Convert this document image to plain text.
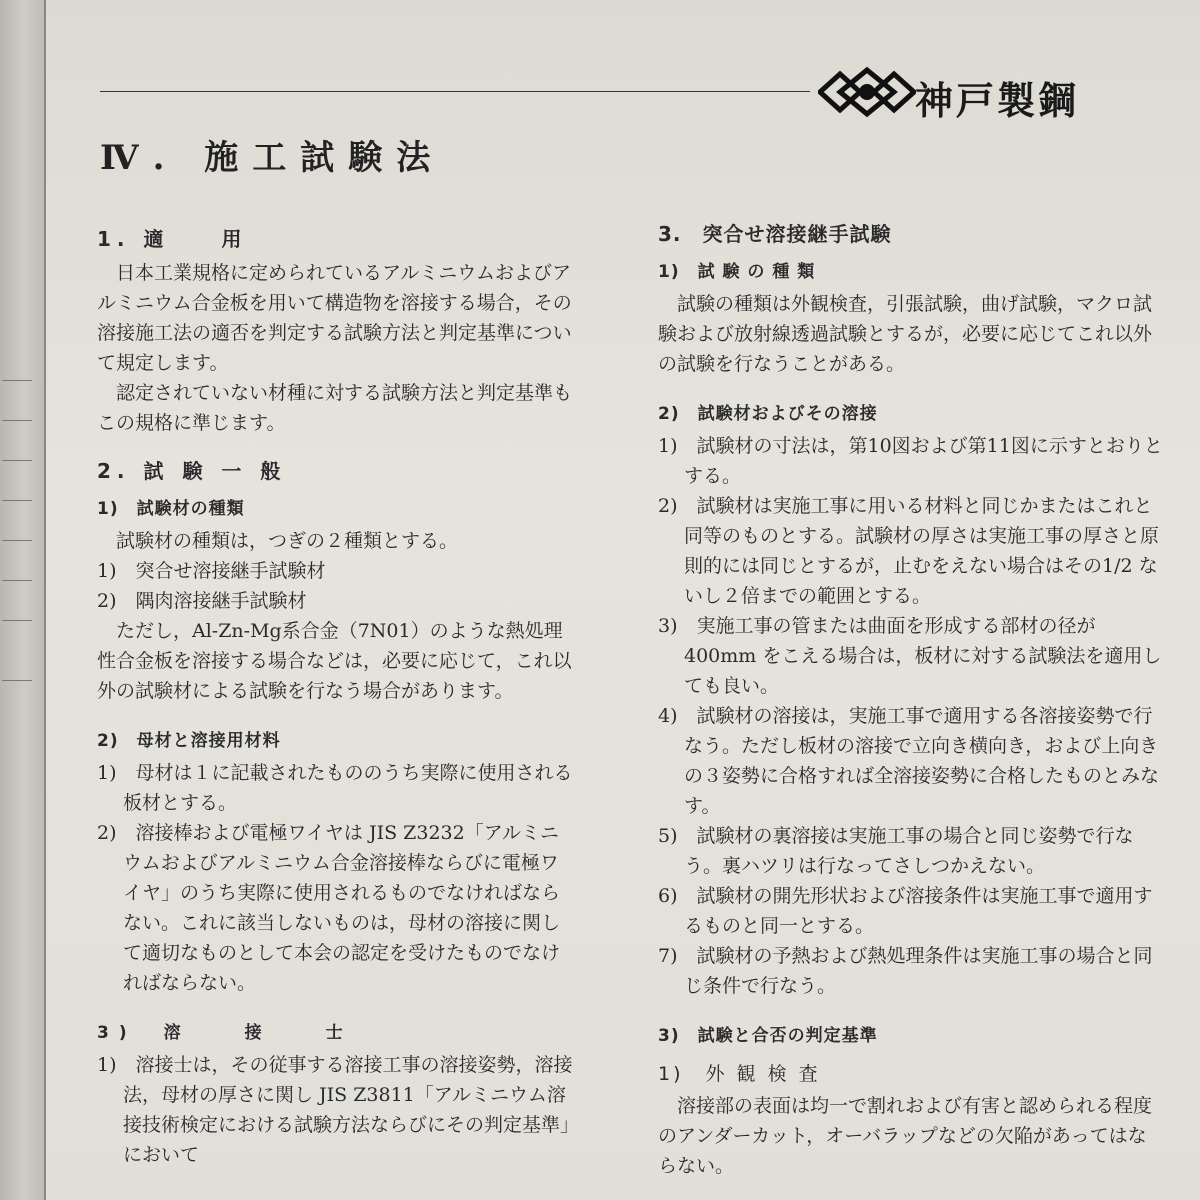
神戸製鋼
Ⅳ. 施工試験法
1. 適　　用

日本工業規格に定められているアルミニウムおよびアルミニウム合金板を用いて構造物を溶接する場合，その溶接施工法の適否を判定する試験方法と判定基準について規定します。

認定されていない材種に対する試験方法と判定基準もこの規格に準じます。

2. 試 験 一 般
1)　試験材の種類

試験材の種類は，つぎの２種類とする。

1)　突合せ溶接継手試験材

2)　隅肉溶接継手試験材

ただし，Al-Zn-Mg系合金（7N01）のような熱処理性合金板を溶接する場合などは，必要に応じて，これ以外の試験材による試験を行なう場合があります。

2)　母材と溶接用材料

1)　母材は１に記載されたもののうち実際に使用される板材とする。

2)　溶接棒および電極ワイヤは JIS Z3232「アルミニウムおよびアルミニウム合金溶接棒ならびに電極ワイヤ」のうち実際に使用されるものでなければならない。これに該当しないものは，母材の溶接に関して適切なものとして本会の認定を受けたものでなければならない。

3)　溶　　接　　士

1)　溶接士は，その従事する溶接工事の溶接姿勢，溶接法，母材の厚さに関し JIS Z3811「アルミニウム溶接技術検定における試験方法ならびにその判定基準」において

3.　突合せ溶接継手試験
1)　試 験 の 種 類

試験の種類は外観検査，引張試験，曲げ試験，マクロ試験および放射線透過試験とするが，必要に応じてこれ以外の試験を行なうことがある。

2)　試験材およびその溶接

1)　試験材の寸法は，第10図および第11図に示すとおりとする。

2)　試験材は実施工事に用いる材料と同じかまたはこれと同等のものとする。試験材の厚さは実施工事の厚さと原則的には同じとするが，止むをえない場合はその1/2 ないし２倍までの範囲とする。

3)　実施工事の管または曲面を形成する部材の径が 400mm をこえる場合は，板材に対する試験法を適用しても良い。

4)　試験材の溶接は，実施工事で適用する各溶接姿勢で行なう。ただし板材の溶接で立向き横向き，および上向きの３姿勢に合格すれば全溶接姿勢に合格したものとみなす。

5)　試験材の裏溶接は実施工事の場合と同じ姿勢で行なう。裏ハツリは行なってさしつかえない。

6)　試験材の開先形状および溶接条件は実施工事で適用するものと同一とする。

7)　試験材の予熱および熱処理条件は実施工事の場合と同じ条件で行なう。

3)　試験と合否の判定基準
1)　外 観 検 査

溶接部の表面は均一で割れおよび有害と認められる程度のアンダーカット，オーバラップなどの欠陥があってはならない。
